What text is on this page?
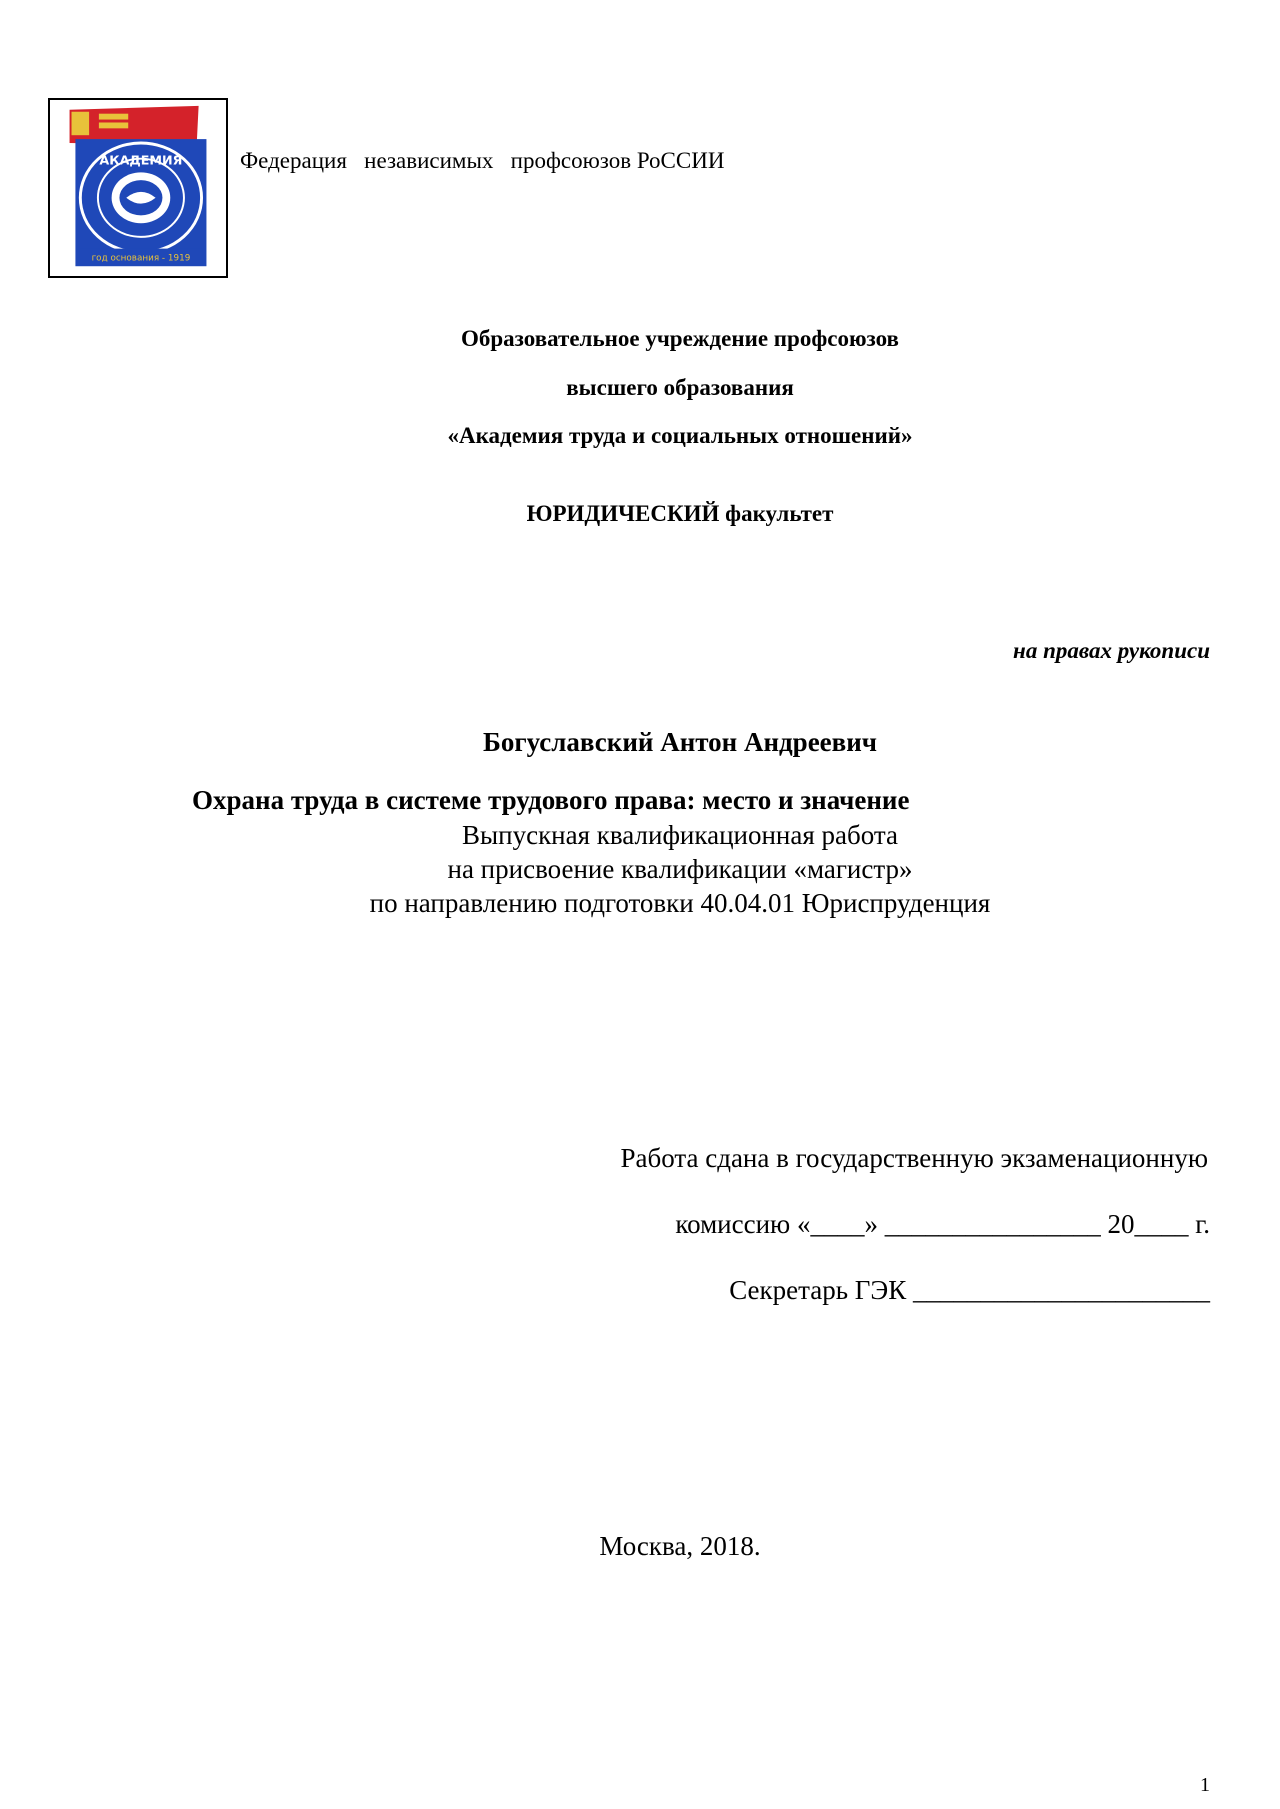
АКАДЕМИЯ
год основания - 1919
Федерация   независимых   профсоюзов РоССИИ
Образовательное учреждение профсоюзов
высшего образования
«Академия труда и социальных отношений»
ЮРИДИЧЕСКИЙ факультет
на правах рукописи
Богуславский Антон Андреевич
Охрана труда в системе трудового права: место и значение
Выпускная квалификационная работа
на присвоение квалификации «магистр»
по направлению подготовки 40.04.01 Юриспруденция
Работа сдана в государственную экзаменационную
комиссию «____» ________________ 20____ г.
Секретарь ГЭК ______________________
Москва, 2018.
1
